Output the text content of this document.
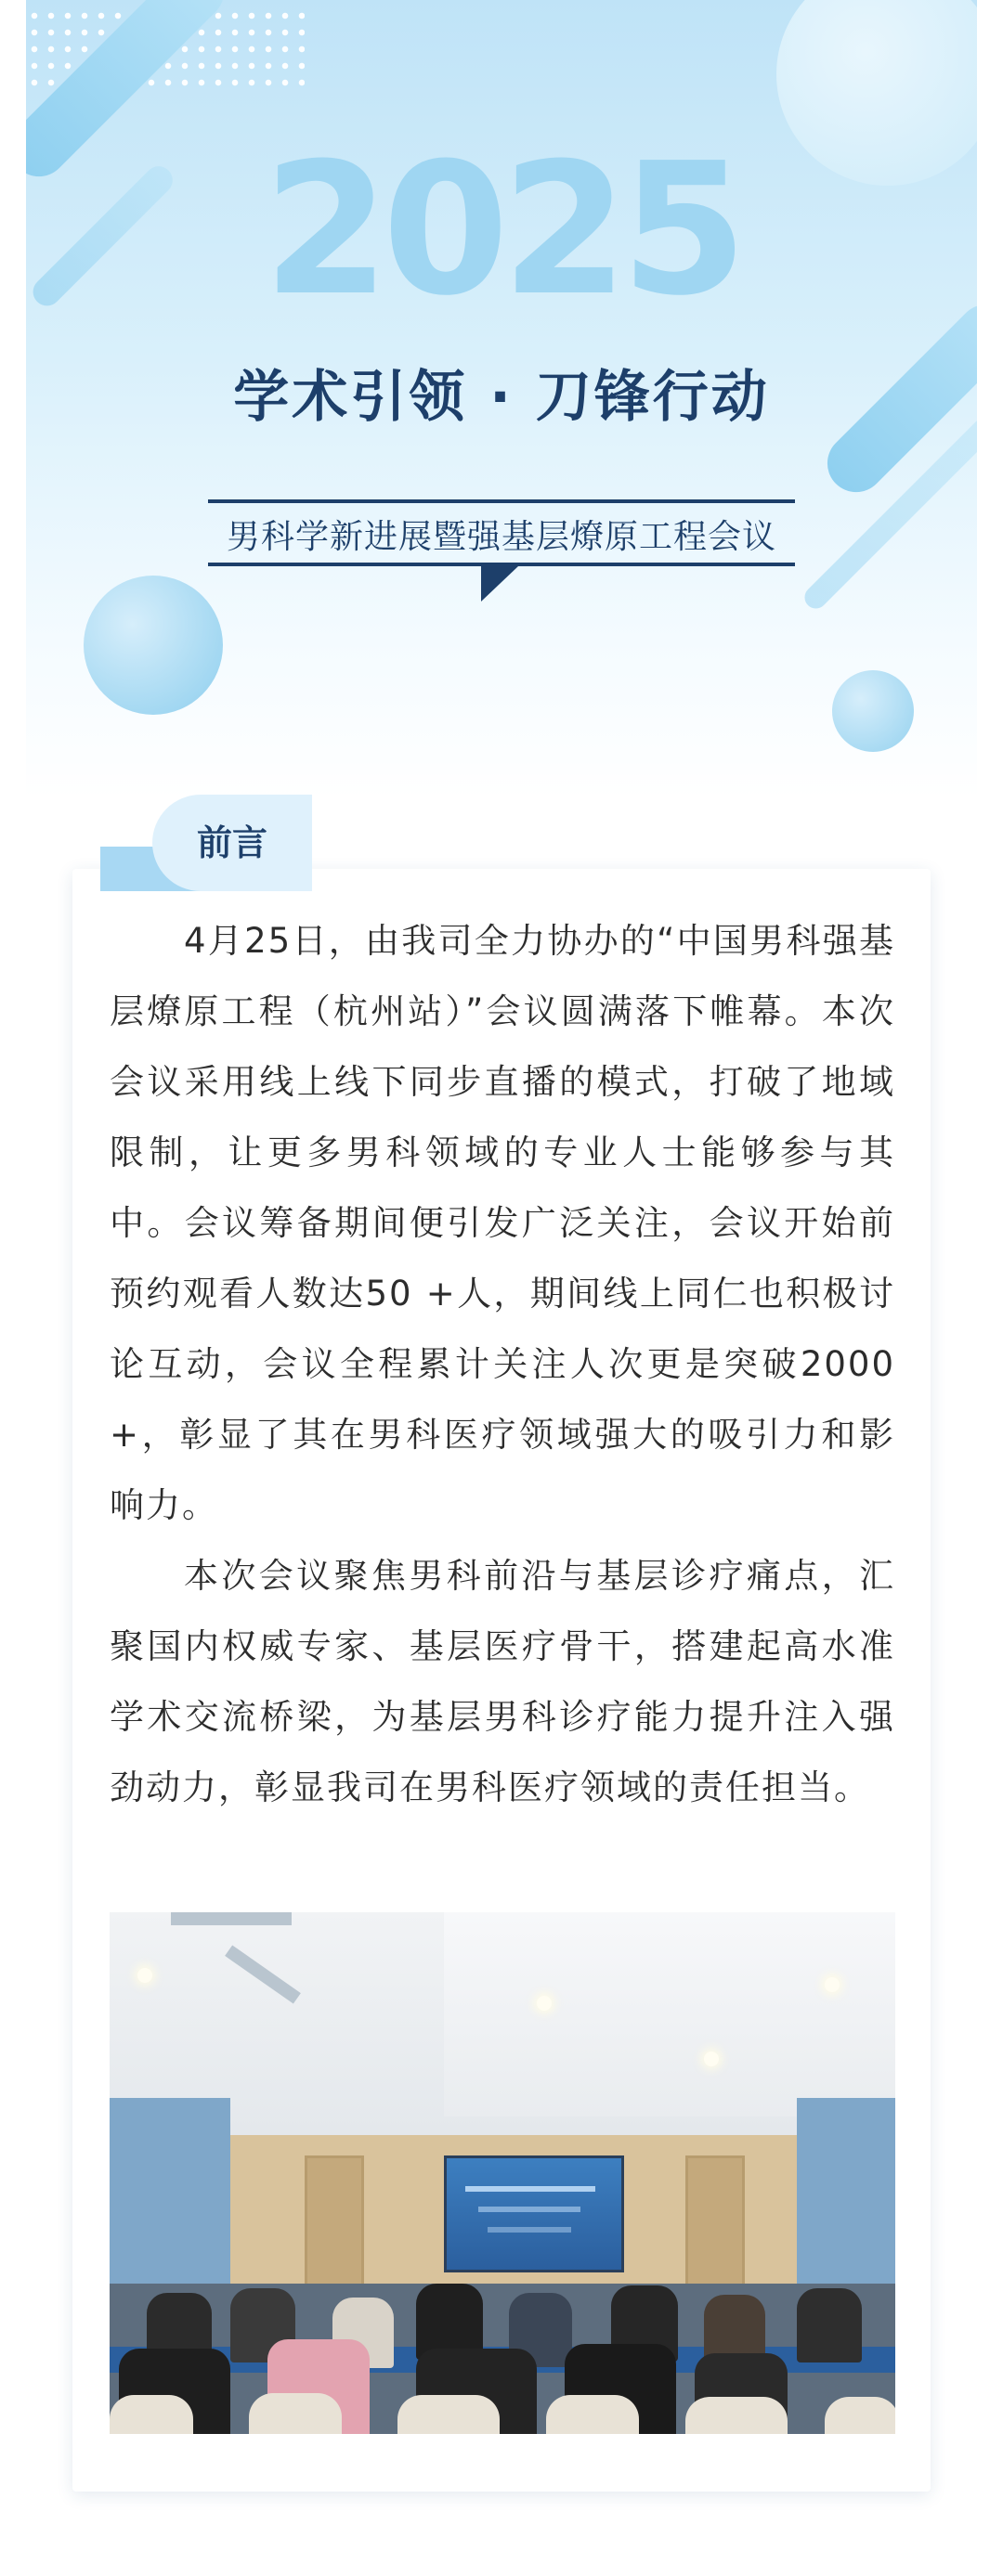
2025
学术引领 · 刀锋行动
男科学新进展暨强基层燎原工程会议
前言

4月25日，由我司全力协办的“中国男科强基层燎原工程（杭州站）”会议圆满落下帷幕。本次会议采用线上线下同步直播的模式，打破了地域限制，让更多男科领域的专业人士能够参与其中。会议筹备期间便引发广泛关注，会议开始前预约观看人数达50 +人，期间线上同仁也积极讨论互动，会议全程累计关注人次更是突破2000+，彰显了其在男科医疗领域强大的吸引力和影响力。

本次会议聚焦男科前沿与基层诊疗痛点，汇聚国内权威专家、基层医疗骨干，搭建起高水准学术交流桥梁，为基层男科诊疗能力提升注入强劲动力，彰显我司在男科医疗领域的责任担当。
